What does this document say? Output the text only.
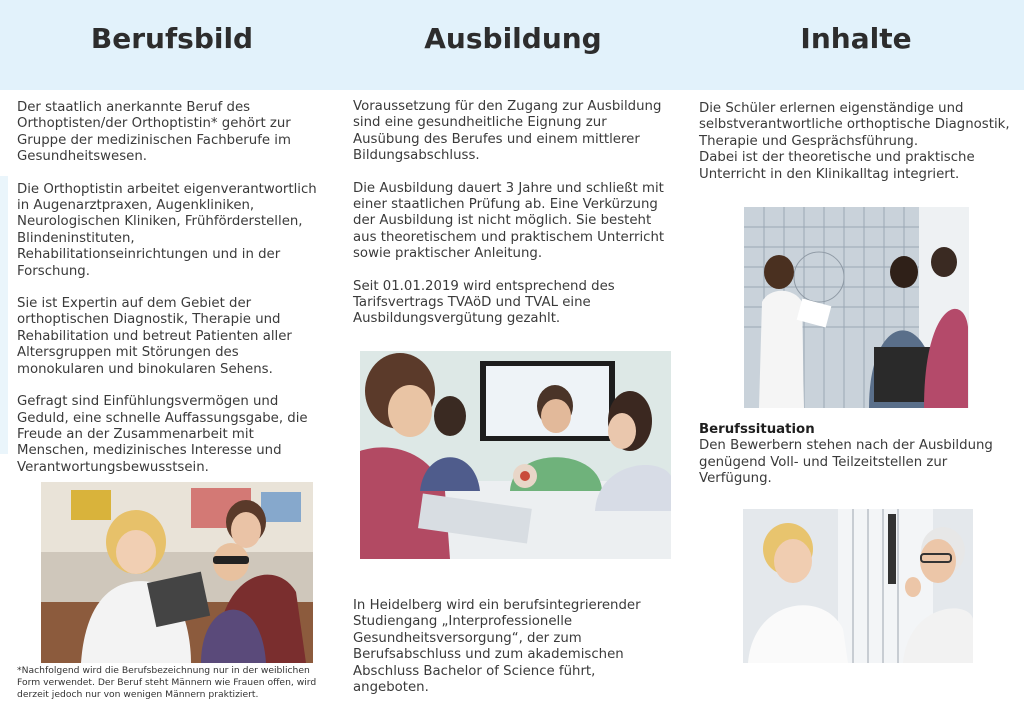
Berufsbild	Ausbildung	Inhalte

Der staatlich anerkannte Beruf des Orthoptisten/der Orthoptistin* gehört zur Gruppe der medizinischen Fachberufe im Gesundheitswesen.

Die Orthoptistin arbeitet eigenverantwortlich in Augenarztpraxen, Augenkliniken, Neurologischen Kliniken, Frühförderstellen, Blindeninstituten, Rehabilitationseinrichtungen und in der Forschung.

Sie ist Expertin auf dem Gebiet der orthoptischen Diagnostik, Therapie und Rehabilitation und betreut Patienten aller Altersgruppen mit Störungen des monokularen und binokularen Sehens.

Gefragt sind Einfühlungsvermögen und Geduld, eine schnelle Auffassungsgabe, die Freude an der Zusammenarbeit mit Menschen, medizinisches Interesse und Verantwortungsbewusstsein.

*Nachfolgend wird die Berufsbezeichnung nur in der weiblichen Form verwendet. Der Beruf steht Männern wie Frauen offen, wird derzeit jedoch nur von wenigen Männern praktiziert.

Voraussetzung für den Zugang zur Ausbildung sind eine gesundheitliche Eignung zur Ausübung des Berufes und einem mittlerer Bildungsabschluss.

Die Ausbildung dauert 3 Jahre und schließt mit einer staatlichen Prüfung ab. Eine Verkürzung der Ausbildung ist nicht möglich. Sie besteht aus theoretischem und praktischem Unterricht sowie praktischer Anleitung.

Seit 01.01.2019 wird entsprechend des Tarifsvertrags TVAöD und TVAL eine Ausbildungsvergütung gezahlt.

In Heidelberg wird ein berufsintegrierender Studiengang „Interprofessionelle Gesundheitsversorgung“, der zum Berufsabschluss und zum akademischen Abschluss Bachelor of Science führt, angeboten.

Die Schüler erlernen eigenständige und selbstverantwortliche orthoptische Diagnostik, Therapie und Gesprächsführung.
Dabei ist der theoretische und praktische Unterricht in den Klinikalltag integriert.
Berufssituation
Den Bewerbern stehen nach der Ausbildung genügend Voll- und Teilzeitstellen zur Verfügung.
